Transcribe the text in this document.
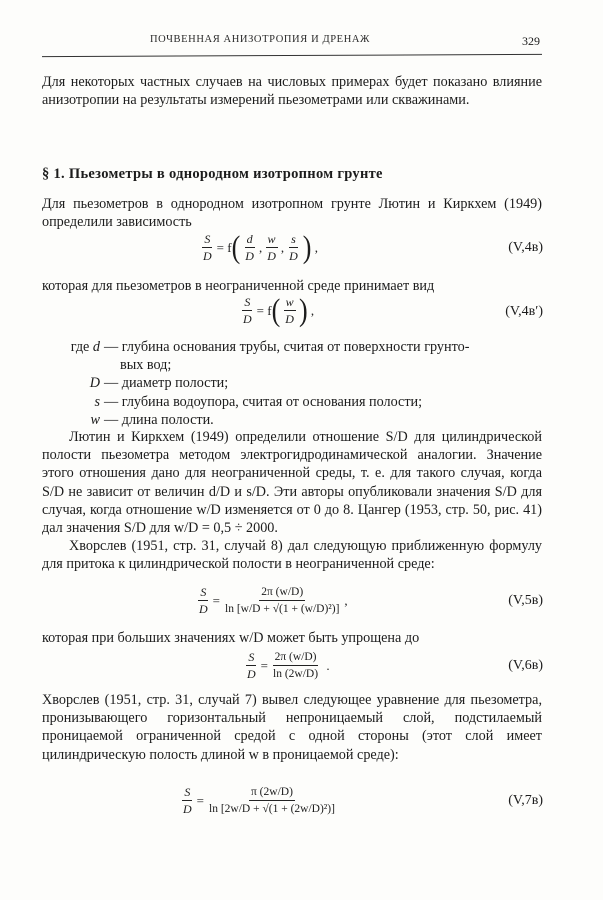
ПОЧВЕННАЯ АНИЗОТРОПИЯ И ДРЕНАЖ	329
Для некоторых частных случаев на числовых примерах будет показано влияние анизотропии на результаты измерений пьезометрами или скважинами.
§ 1. Пьезометры в однородном изотропном грунте
Для пьезометров в однородном изотропном грунте Лютин и Киркхем (1949) определили зависимость
$\frac{S}{D}$ =
f ( $\frac{d}{D}$ , $\frac{w}{D}$ , $\frac{s}{D}$ ) ,	(V,4в)
которая для пьезометров в неограниченной среде принимает вид
$\frac{S}{D}$ =
f ( $\frac{w}{D}$ ) ,	(V,4в′)
где d — глубина основания трубы, считая от поверхности грунто-
вых вод;
D — диаметр полости;
s — глубина водоупора, считая от основания полости;
w — длина полости.
Лютин и Киркхем (1949) определили отношение S/D для цилиндрической полости пьезометра методом электрогидродинамической аналогии. Значение этого отношения дано для неограниченной среды, т. е. для такого случая, когда S/D не зависит от величин d/D и s/D. Эти авторы опубликовали значения S/D для случая, когда отношение w/D изменяется от 0 до 8. Цангер (1953, стр. 50, рис. 41) дал значения S/D для w/D = 0,5 ÷ 2000.
Хворслев (1951, стр. 31, случай 8) дал следующую приближенную формулу для притока к цилиндрической полости в неограниченной среде:
$\frac{S}{D} = \frac{2\pi (w/D)}{\text{ln [w/D + √(1 + (w/D)²)]}}$ ,	(V,5в)
которая при больших значениях w/D может быть упрощена до
$\frac{S}{D} = \frac{2\pi (w/D)}{\ln (2w/D)}$
.	(V,6в)
Хворслев (1951, стр. 31, случай 7) вывел следующее уравнение для пьезометра, пронизывающего горизонтальный непроницаемый слой, подстилаемый проницаемой ограниченной средой с одной стороны (этот слой имеет цилиндрическую полость длиной w в проницаемой среде):
$\frac{S}{D} = \frac{\pi (2w/D)}{\text{ln [2w/D + √(1 + (2w/D)²)]}}$	(V,7в)
